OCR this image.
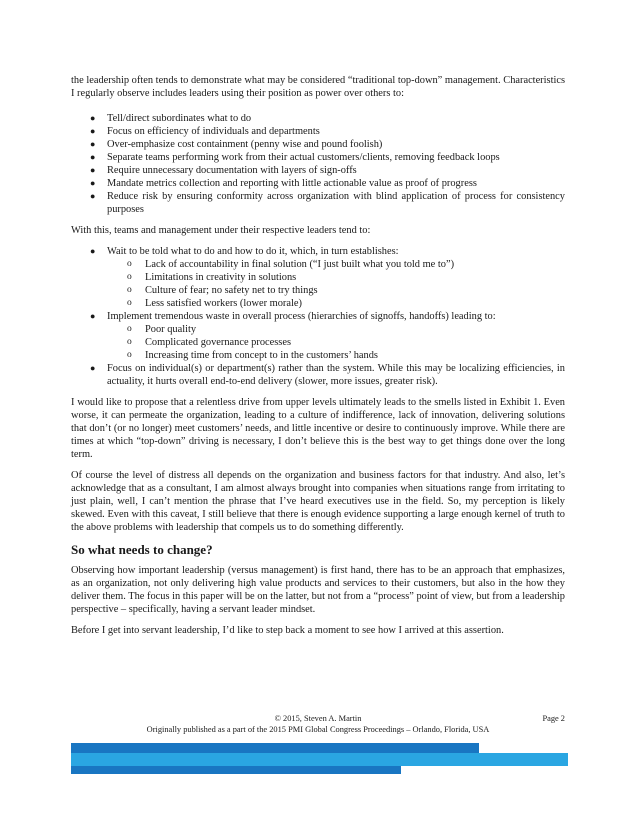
the leadership often tends to demonstrate what may be considered “traditional top-down” management. Characteristics I regularly observe includes leaders using their position as power over others to:

● Tell/direct subordinates what to do
● Focus on efficiency of individuals and departments
● Over-emphasize cost containment (penny wise and pound foolish)
● Separate teams performing work from their actual customers/clients, removing feedback loops
● Require unnecessary documentation with layers of sign-offs
● Mandate metrics collection and reporting with little actionable value as proof of progress
● Reduce risk by ensuring conformity across organization with blind application of process for consistency purposes

With this, teams and management under their respective leaders tend to:

● Wait to be told what to do and how to do it, which, in turn establishes:
o Lack of accountability in final solution (“I just built what you told me to”)
o Limitations in creativity in solutions
o Culture of fear; no safety net to try things
o Less satisfied workers (lower morale)
● Implement tremendous waste in overall process (hierarchies of signoffs, handoffs) leading to:
o Poor quality
o Complicated governance processes
o Increasing time from concept to in the customers’ hands
● Focus on individual(s) or department(s) rather than the system. While this may be localizing efficiencies, in actuality, it hurts overall end-to-end delivery (slower, more issues, greater risk).

I would like to propose that a relentless drive from upper levels ultimately leads to the smells listed in Exhibit 1. Even worse, it can permeate the organization, leading to a culture of indifference, lack of innovation, delivering solutions that don’t (or no longer) meet customers’ needs, and little incentive or desire to continuously improve. While there are times at which “top-down” driving is necessary, I don’t believe this is the best way to get things done over the long term.

Of course the level of distress all depends on the organization and business factors for that industry. And also, let’s acknowledge that as a consultant, I am almost always brought into companies when situations range from irritating to just plain, well, I can’t mention the phrase that I’ve heard executives use in the field. So, my perception is likely skewed. Even with this caveat, I still believe that there is enough evidence supporting a large enough kernel of truth to the above problems with leadership that compels us to do something differently.

So what needs to change?

Observing how important leadership (versus management) is first hand, there has to be an approach that emphasizes, as an organization, not only delivering high value products and services to their customers, but also in the how they deliver them. The focus in this paper will be on the latter, but not from a “process” point of view, but from a leadership perspective – specifically, having a servant leader mindset.

Before I get into servant leadership, I’d like to step back a moment to see how I arrived at this assertion.

© 2015, Steven A. Martin	Page 2
Originally published as a part of the 2015 PMI Global Congress Proceedings – Orlando, Florida, USA
